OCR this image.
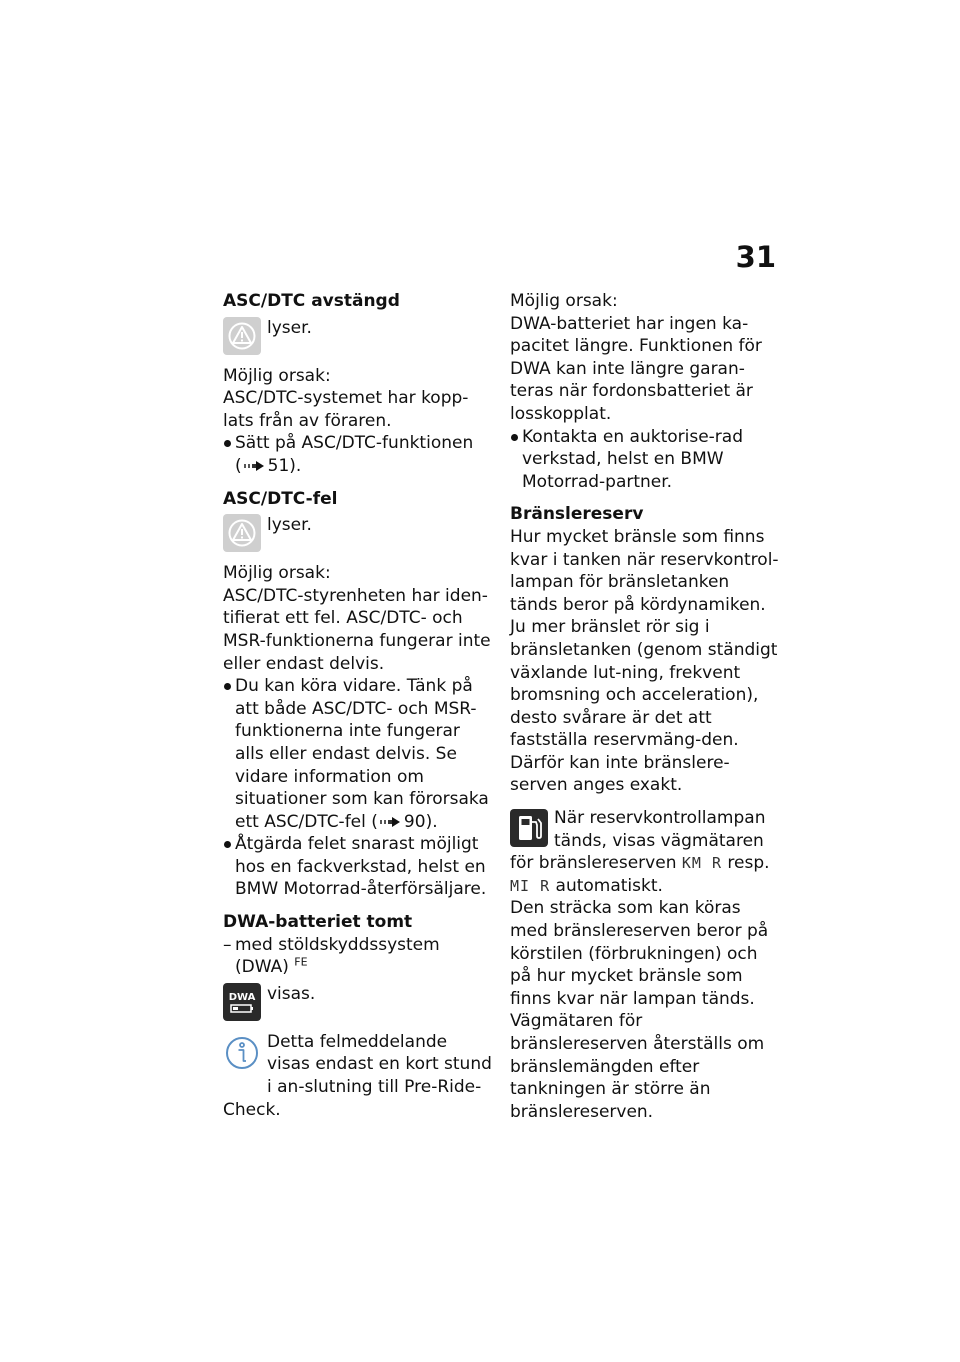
31

ASC/DTC avstängd

lyser.

Möjlig orsak:

ASC/DTC-systemet har kopp-lats från av föraren.

Sätt på ASC/DTC-funktionen
( 51).

ASC/DTC-fel

lyser.

Möjlig orsak:

ASC/DTC-styrenheten har iden-tifierat ett fel. ASC/DTC- och MSR-funktionerna fungerar inte eller endast delvis.

Du kan köra vidare. Tänk på att både ASC/DTC- och MSR-funktionerna inte fungerar alls eller endast delvis. Se vidare information om situationer som kan förorsaka ett ASC/DTC-fel ( 90).
Åtgärda felet snarast möjligt hos en fackverkstad, helst en BMW Motorrad-återförsäljare.

DWA-batteriet tomt

– med stöldskyddssystem (DWA) $^{FE}$
DWA visas.
Detta felmeddelande visas endast en kort stund i an-slutning till Pre-Ride-Check.

Möjlig orsak:

DWA-batteriet har ingen ka-pacitet längre. Funktionen för DWA kan inte längre garan-teras när fordonsbatteriet är losskopplat.

Kontakta en auktorise-rad verkstad, helst en BMW Motorrad-partner.

Bränslereserv

Hur mycket bränsle som finns kvar i tanken när reservkontrol-lampan för bränsletanken tänds beror på kördynamiken. Ju mer bränslet rör sig i bränsletanken (genom ständigt växlande lut-ning, frekvent bromsning och acceleration), desto svårare är det att fastställa reservmäng-den. Därför kan inte bränslere-serven anges exakt.

När reservkontrollampan tänds, visas vägmätaren för bränslereserven KM R resp. MI R automatiskt.

Den sträcka som kan köras med bränslereserven beror på körstilen (förbrukningen) och på hur mycket bränsle som finns kvar när lampan tänds.

Vägmätaren för bränslereserven återställs om bränslemängden efter tankningen är större än bränslereserven.
